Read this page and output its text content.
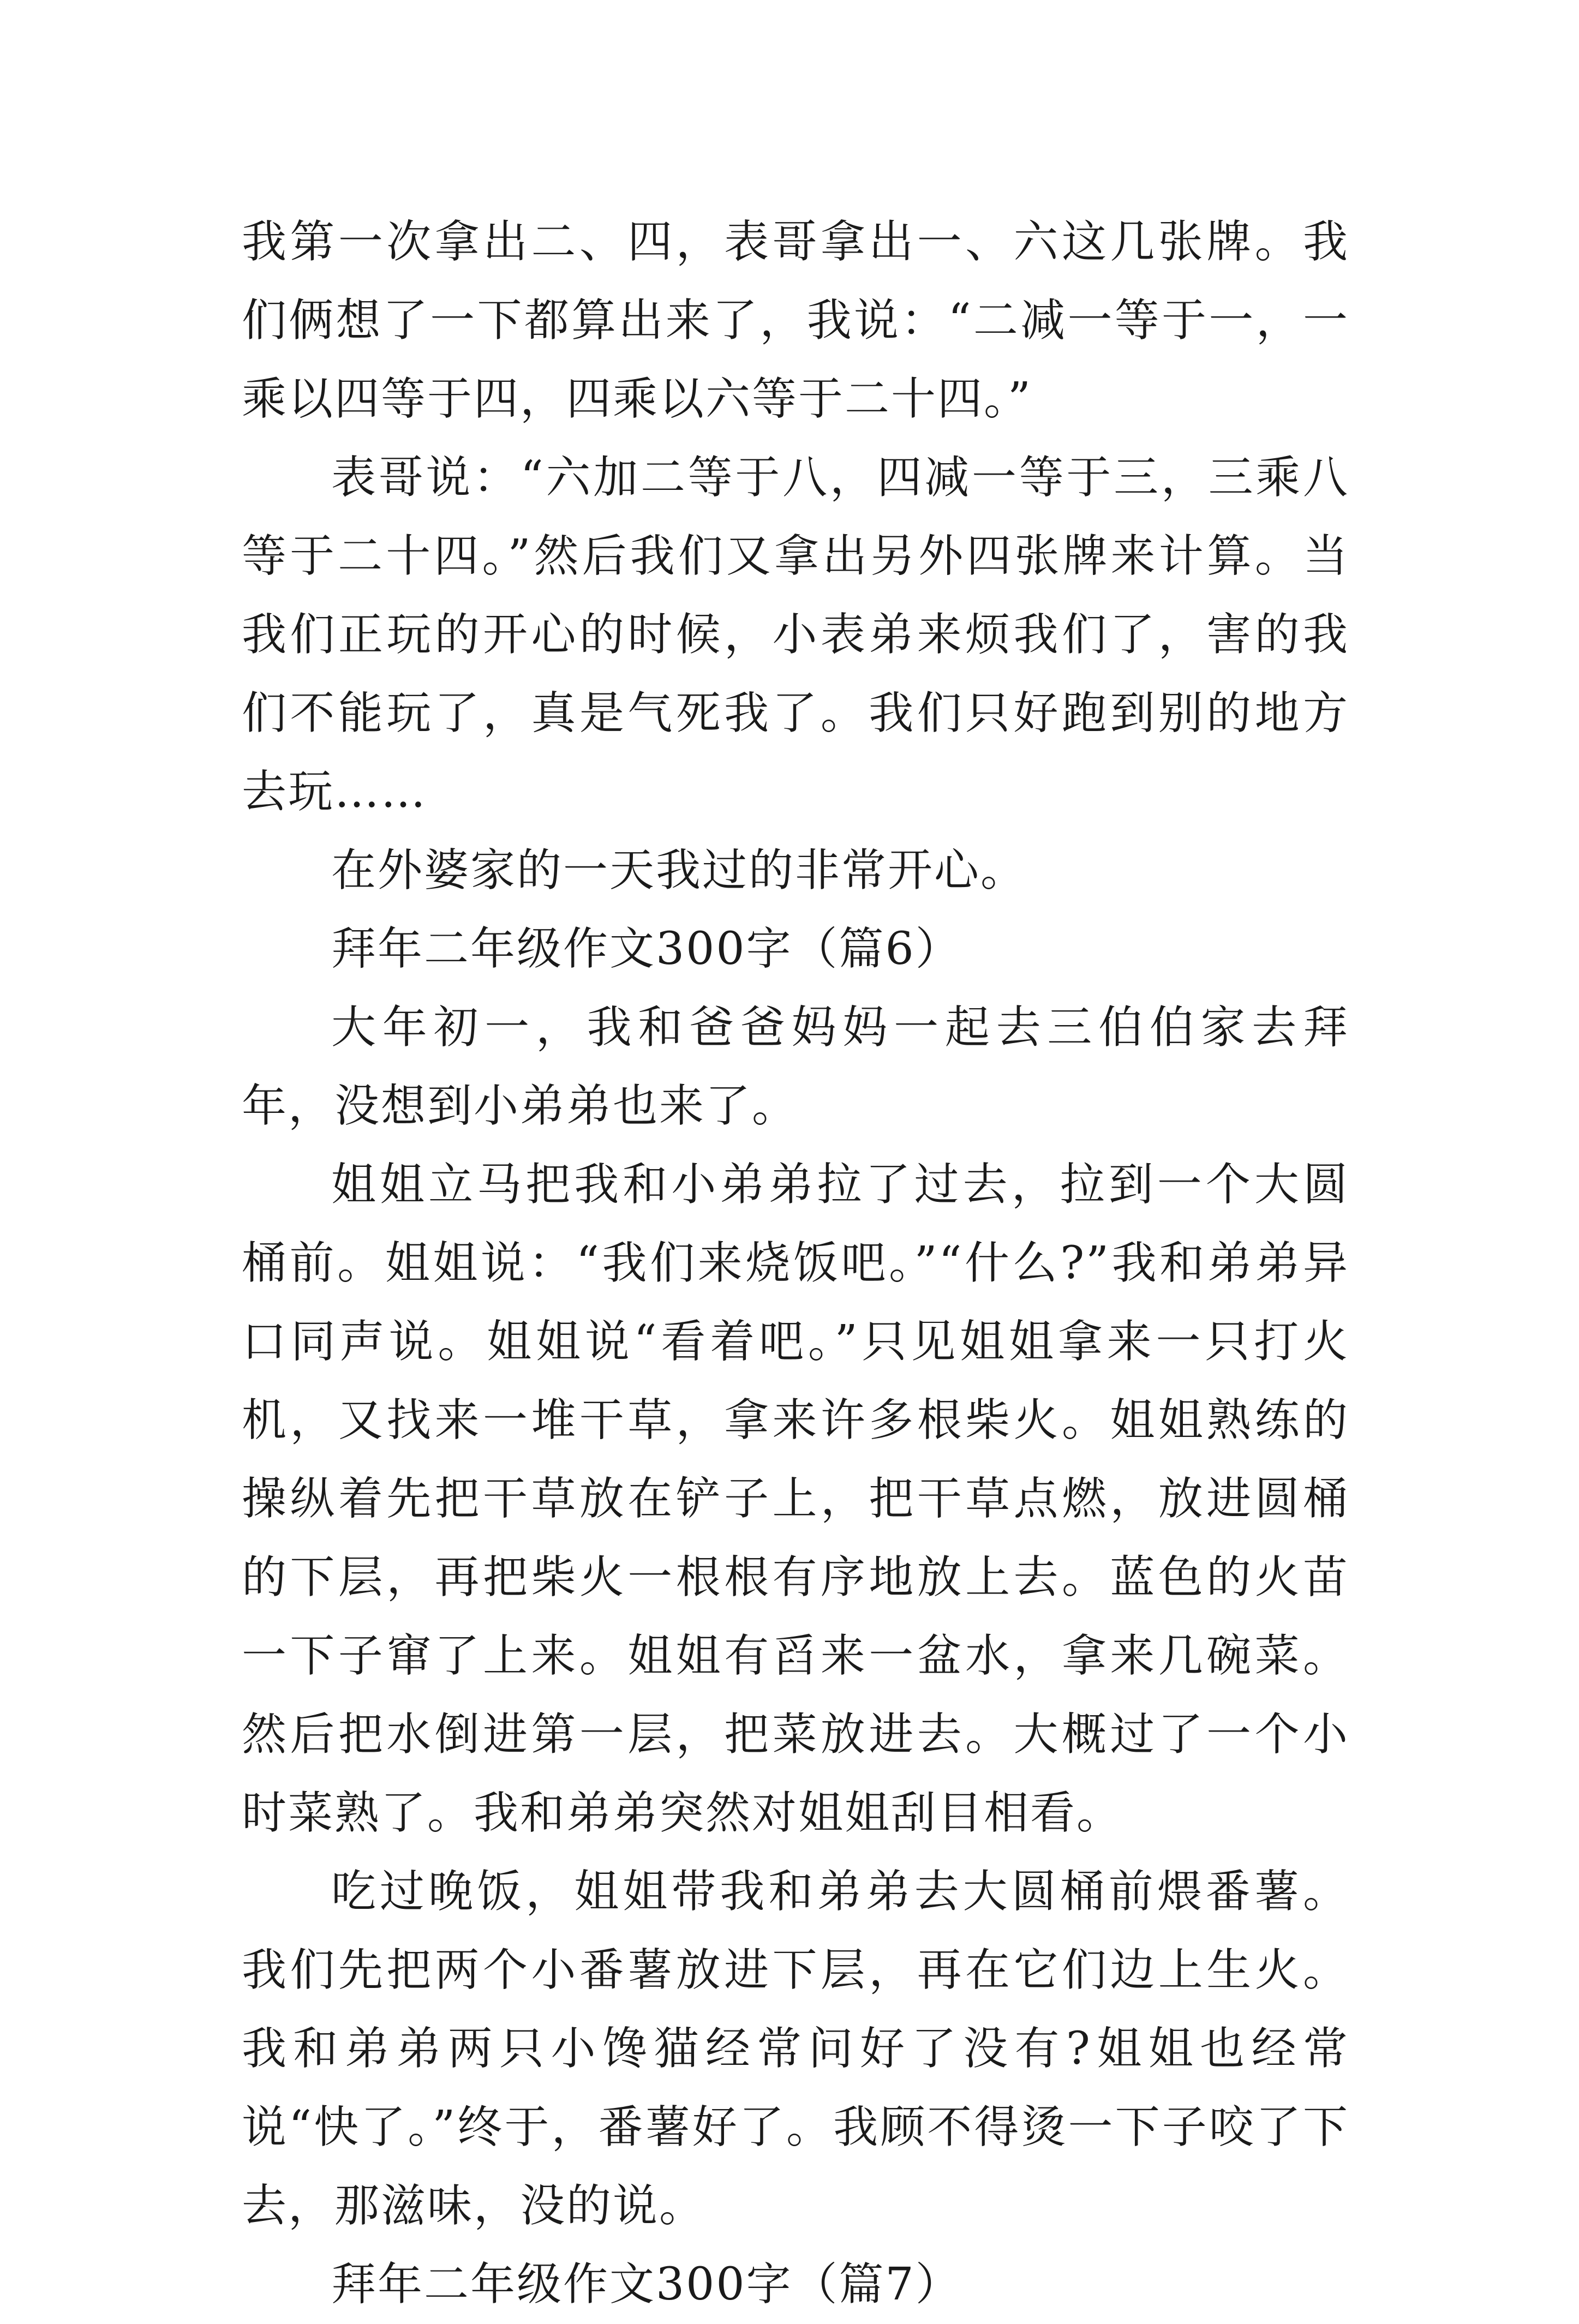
我第一次拿出二、四，表哥拿出一、六这几张牌。我们俩想了一下都算出来了，我说：“二减一等于一，一乘以四等于四，四乘以六等于二十四。”

表哥说：“六加二等于八，四减一等于三，三乘八等于二十四。”然后我们又拿出另外四张牌来计算。当我们正玩的开心的时候，小表弟来烦我们了，害的我们不能玩了，真是气死我了。我们只好跑到别的地方去玩……

在外婆家的一天我过的非常开心。

拜年二年级作文300字（篇6）

大年初一，我和爸爸妈妈一起去三伯伯家去拜年，没想到小弟弟也来了。

姐姐立马把我和小弟弟拉了过去，拉到一个大圆桶前。姐姐说：“我们来烧饭吧。”“什么?”我和弟弟异口同声说。姐姐说“看着吧。”只见姐姐拿来一只打火机，又找来一堆干草，拿来许多根柴火。姐姐熟练的操纵着先把干草放在铲子上，把干草点燃，放进圆桶的下层，再把柴火一根根有序地放上去。蓝色的火苗一下子窜了上来。姐姐有舀来一盆水，拿来几碗菜。然后把水倒进第一层，把菜放进去。大概过了一个小时菜熟了。我和弟弟突然对姐姐刮目相看。

吃过晚饭，姐姐带我和弟弟去大圆桶前煨番薯。我们先把两个小番薯放进下层，再在它们边上生火。我和弟弟两只小馋猫经常问好了没有?姐姐也经常说“快了。”终于，番薯好了。我顾不得烫一下子咬了下去，那滋味，没的说。

拜年二年级作文300字（篇7）
